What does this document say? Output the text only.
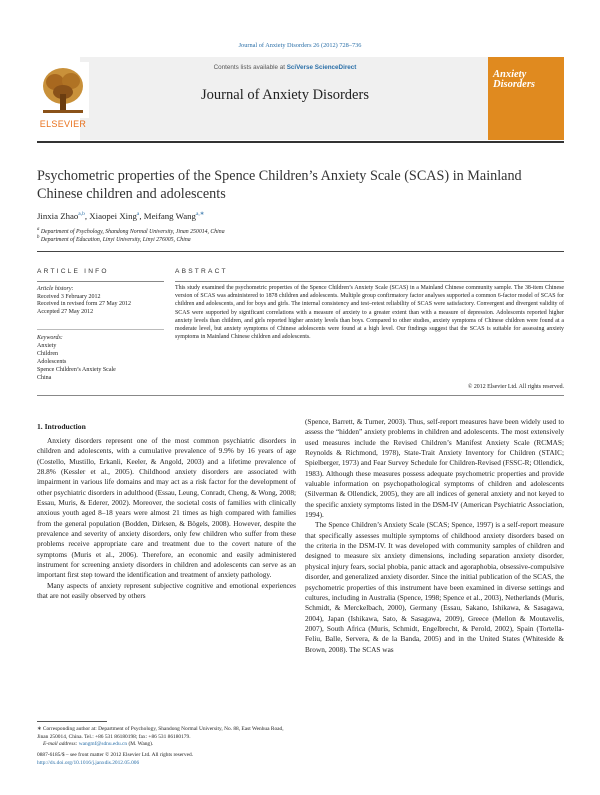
Journal of Anxiety Disorders 26 (2012) 728–736
Contents lists available at SciVerse ScienceDirect
Journal of Anxiety Disorders
ELSEVIER
Anxiety Disorders
Psychometric properties of the Spence Children’s Anxiety Scale (SCAS) in Mainland Chinese children and adolescents
Jinxia Zhao$^{a,b}$, Xiaopei Xing$^a$, Meifang Wang$^{a,∗}$
$^a$ Department of Psychology, Shandong Normal University, Jinan 250014, China
$^b$ Department of Education, Linyi University, Linyi 276005, China
ARTICLE INFO
Article history:
Received 3 February 2012
Received in revised form 27 May 2012
Accepted 27 May 2012
Keywords:
Anxiety
Children
Adolescents
Spence Children’s Anxiety Scale
China
ABSTRACT
This study examined the psychometric properties of the Spence Children’s Anxiety Scale (SCAS) in a Mainland Chinese community sample. The 38-item Chinese version of SCAS was administered to 1878 children and adolescents. Multiple group confirmatory factor analyses supported a common 6-factor model of SCAS for children and adolescents, and for boys and girls. The internal consistency and test–retest reliability of SCAS were satisfactory. Convergent and divergent validity of SCAS were supported by significant correlations with a measure of anxiety to a greater extent than with a measure of depression. Adolescents reported higher anxiety levels than children, and girls reported higher anxiety levels than boys. Compared to other studies, anxiety symptoms of Chinese children were found at a moderate level, but anxiety symptoms of Chinese adolescents were found at a high level. Our findings suggest that the SCAS is suitable for assessing anxiety symptoms in Mainland Chinese children and adolescents.
© 2012 Elsevier Ltd. All rights reserved.
1. Introduction

Anxiety disorders represent one of the most common psychiatric disorders in children and adolescents, with a cumulative prevalence of 9.9% by 16 years of age (Costello, Mustillo, Erkanli, Keeler, & Angold, 2003) and a lifetime prevalence of 28.8% (Kessler et al., 2005). Childhood anxiety disorders are associated with impairment in various life domains and may act as a risk factor for the development of other psychiatric disorders in adulthood (Essau, Leung, Conradt, Cheng, & Wong, 2008; Essau, Muris, & Ederer, 2002). Moreover, the societal costs of families with clinically anxious youth aged 8–18 years were almost 21 times as high compared with families from the general population (Bodden, Dirksen, & Bögels, 2008). However, despite the prevalence and severity of anxiety disorders, only few children who suffer from these problems receive appropriate care and treatment due to the covert nature of the symptoms (Muris et al., 2006). Therefore, an economic and easily administered instrument for screening anxiety disorders in children and adolescents can serve as an important first step toward the identification and treatment of anxiety pathology.

Many aspects of anxiety represent subjective cognitive and emotional experiences that are not easily observed by others

(Spence, Barrett, & Turner, 2003). Thus, self-report measures have been widely used to assess the “hidden” anxiety problems in children and adolescents. The most extensively used measures include the Revised Children’s Manifest Anxiety Scale (RCMAS; Reynolds & Richmond, 1978), State-Trait Anxiety Inventory for Children (STAIC; Spielberger, 1973) and Fear Survey Schedule for Children-Revised (FSSC-R; Ollendick, 1983). Although these measures possess adequate psychometric properties and provide valuable information on psychopathological symptoms of children and adolescents (Silverman & Ollendick, 2005), they are all indices of general anxiety and not keyed to the specific anxiety symptoms listed in the DSM-IV (American Psychiatric Association, 1994).

The Spence Children’s Anxiety Scale (SCAS; Spence, 1997) is a self-report measure that specifically assesses multiple symptoms of childhood anxiety disorders based on the criteria in the DSM-IV. It was developed with community samples of children and designed to measure six anxiety dimensions, including separation anxiety disorder, physical injury fears, social phobia, panic attack and agoraphobia, obsessive-compulsive disorder, and generalized anxiety disorder. Since the initial publication of the SCAS, the psychometric properties of this instrument have been examined in diverse settings and cultures, including in Australia (Spence, 1998; Spence et al., 2003), Netherlands (Muris, Schmidt, & Merckelbach, 2000), Germany (Essau, Sakano, Ishikawa, & Sasagawa, 2004), Japan (Ishikawa, Sato, & Sasagawa, 2009), Greece (Mellon & Moutavelis, 2007), South Africa (Muris, Schmidt, Engelbrecht, & Perold, 2002), Spain (Tortella-Feliu, Balle, Servera, & de la Banda, 2005) and in the United States (Whiteside & Brown, 2008). The SCAS was

∗ Corresponding author at: Department of Psychology, Shandong Normal University, No. 88, East Wenhua Road, Jinan 250014, China. Tel.: +86 531 86180198; fax: +86 531 86180179.
E-mail address: wangmf@sdnu.edu.cn (M. Wang).
0887-6185/$ – see front matter © 2012 Elsevier Ltd. All rights reserved.
http://dx.doi.org/10.1016/j.janxdis.2012.05.006
